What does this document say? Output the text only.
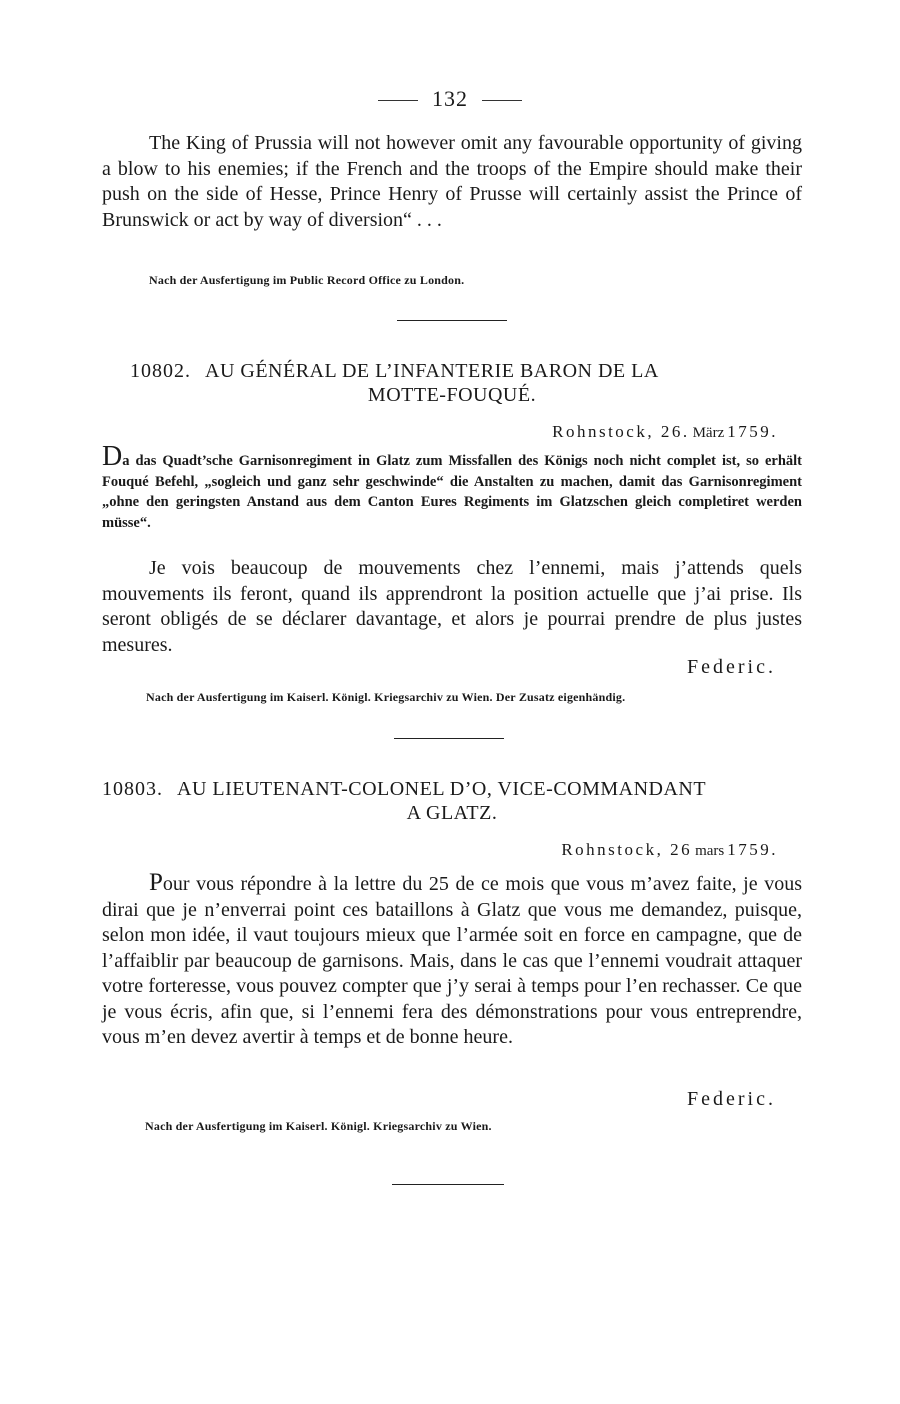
132
The King of Prussia will not however omit any favourable opportunity of giving a blow to his enemies; if the French and the troops of the Empire should make their push on the side of Hesse, Prince Henry of Prusse will certainly assist the Prince of Brunswick or act by way of diversion“ . . .
Nach der Ausfertigung im Public Record Office zu London.
10802. AU GÉNÉRAL DE L’INFANTERIE BARON DE LA
MOTTE-FOUQUÉ.
Rohnstock, 26. März 1759.
Da das Quadt’sche Garnisonregiment in Glatz zum Missfallen des Königs noch nicht complet ist, so erhält Fouqué Befehl, „sogleich und ganz sehr geschwinde“ die Anstalten zu machen, damit das Garnisonregiment „ohne den geringsten Anstand aus dem Canton Eures Regiments im Glatzschen gleich completiret werden müsse“.
Je vois beaucoup de mouvements chez l’ennemi, mais j’attends quels mouvements ils feront, quand ils apprendront la position actuelle que j’ai prise. Ils seront obligés de se déclarer davantage, et alors je pourrai prendre de plus justes mesures.
Federic.
Nach der Ausfertigung im Kaiserl. Königl. Kriegsarchiv zu Wien. Der Zusatz eigenhändig.
10803. AU LIEUTENANT-COLONEL D’O, VICE-COMMANDANT
A GLATZ.
Rohnstock, 26 mars 1759.
Pour vous répondre à la lettre du 25 de ce mois que vous m’avez faite, je vous dirai que je n’enverrai point ces bataillons à Glatz que vous me demandez, puisque, selon mon idée, il vaut toujours mieux que l’armée soit en force en campagne, que de l’affaiblir par beaucoup de garnisons. Mais, dans le cas que l’ennemi voudrait attaquer votre forteresse, vous pouvez compter que j’y serai à temps pour l’en rechasser. Ce que je vous écris, afin que, si l’ennemi fera des démonstrations pour vous entreprendre, vous m’en devez avertir à temps et de bonne heure.
Federic.
Nach der Ausfertigung im Kaiserl. Königl. Kriegsarchiv zu Wien.
